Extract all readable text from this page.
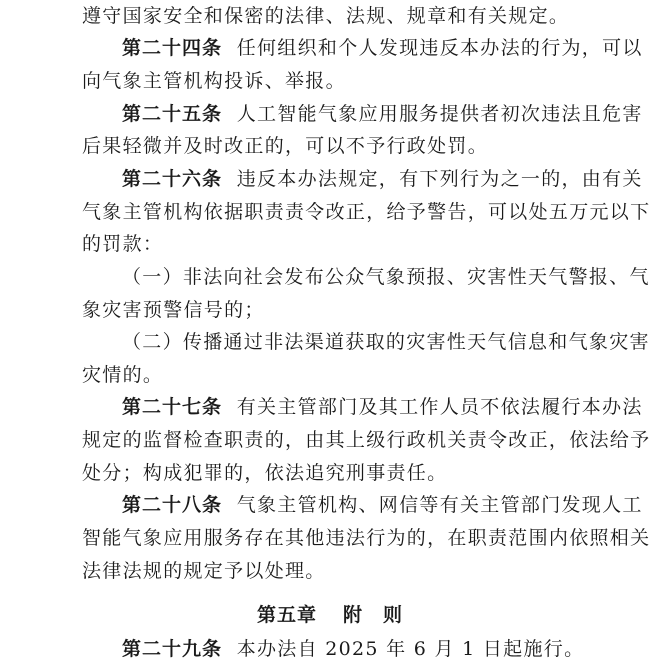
遵守国家安全和保密的法律、法规、规章和有关规定。
第二十四条 任何组织和个人发现违反本办法的行为，可以
向气象主管机构投诉、举报。
第二十五条 人工智能气象应用服务提供者初次违法且危害
后果轻微并及时改正的，可以不予行政处罚。
第二十六条 违反本办法规定，有下列行为之一的，由有关
气象主管机构依据职责责令改正，给予警告，可以处五万元以下
的罚款：
（一）非法向社会发布公众气象预报、灾害性天气警报、气
象灾害预警信号的；
（二）传播通过非法渠道获取的灾害性天气信息和气象灾害
灾情的。
第二十七条 有关主管部门及其工作人员不依法履行本办法
规定的监督检查职责的，由其上级行政机关责令改正，依法给予
处分；构成犯罪的，依法追究刑事责任。
第二十八条 气象主管机构、网信等有关主管部门发现人工
智能气象应用服务存在其他违法行为的，在职责范围内依照相关
法律法规的规定予以处理。
第五章 附　则
第二十九条 本办法自 2025 年 6 月 1 日起施行。
